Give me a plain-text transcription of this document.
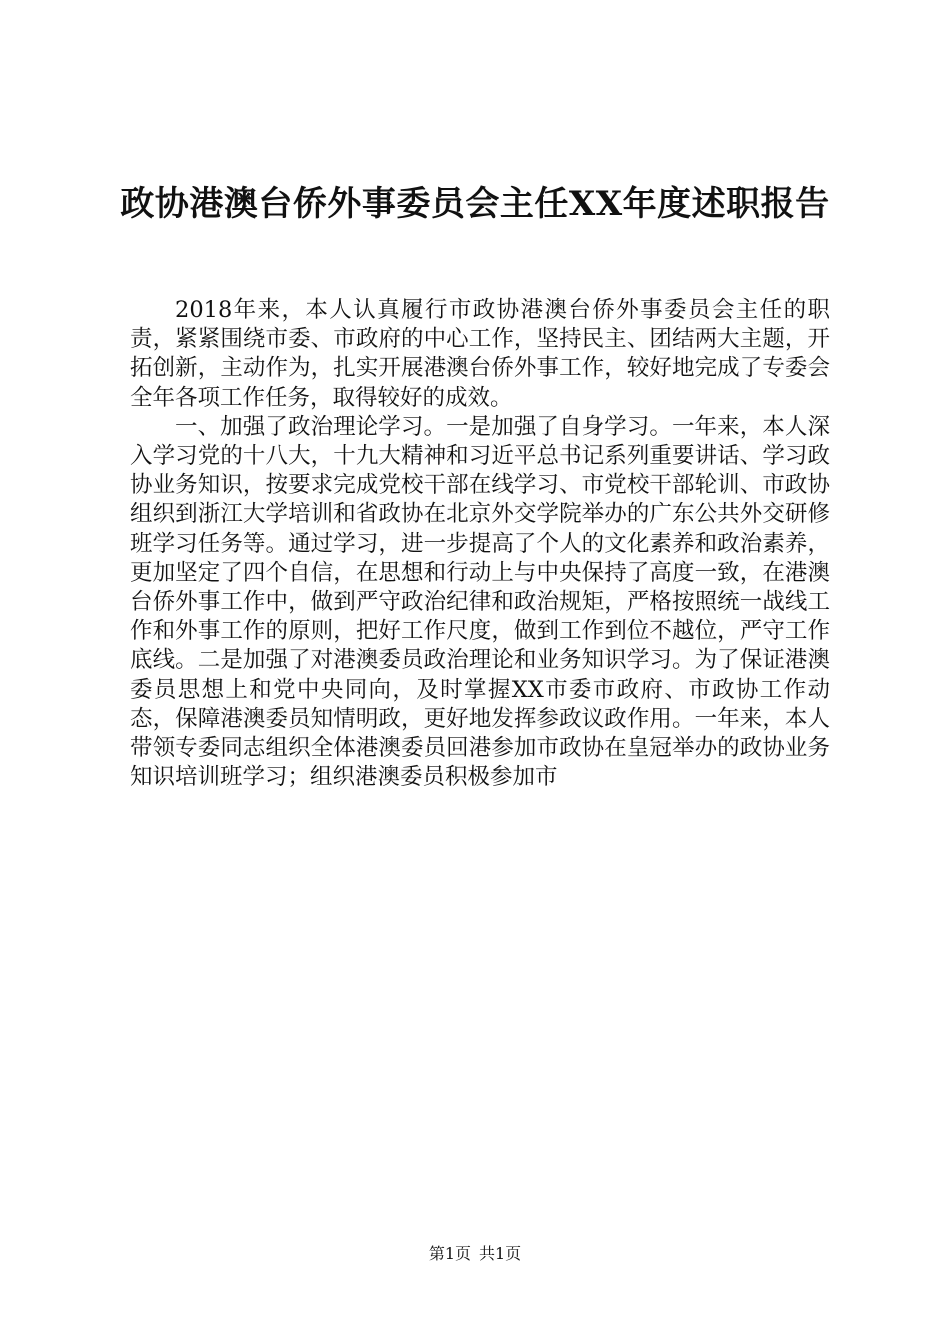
政协港澳台侨外事委员会主任XX年度述职报告

2018年来，本人认真履行市政协港澳台侨外事委员会主任的职责，紧紧围绕市委、市政府的中心工作，坚持民主、团结两大主题，开拓创新，主动作为，扎实开展港澳台侨外事工作，较好地完成了专委会全年各项工作任务，取得较好的成效。

一、加强了政治理论学习。一是加强了自身学习。一年来，本人深入学习党的十八大，十九大精神和习近平总书记系列重要讲话、学习政协业务知识，按要求完成党校干部在线学习、市党校干部轮训、市政协组织到浙江大学培训和省政协在北京外交学院举办的广东公共外交研修班学习任务等。通过学习，进一步提高了个人的文化素养和政治素养，更加坚定了四个自信，在思想和行动上与中央保持了高度一致，在港澳台侨外事工作中，做到严守政治纪律和政治规矩，严格按照统一战线工作和外事工作的原则，把好工作尺度，做到工作到位不越位，严守工作底线。二是加强了对港澳委员政治理论和业务知识学习。为了保证港澳委员思想上和党中央同向，及时掌握XX市委市政府、市政协工作动态，保障港澳委员知情明政，更好地发挥参政议政作用。一年来，本人带领专委同志组织全体港澳委员回港参加市政协在皇冠举办的政协业务知识培训班学习；组织港澳委员积极参加市

第1页 共1页
